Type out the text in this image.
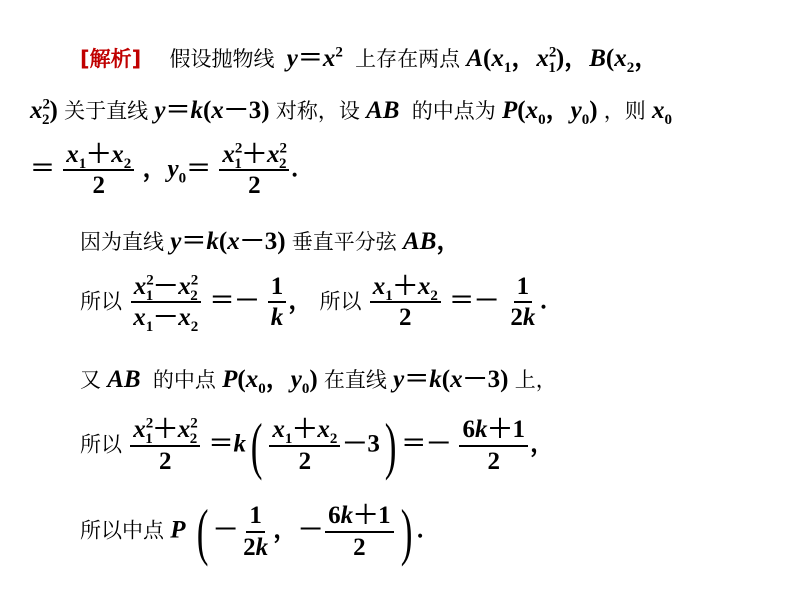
[解析] 假设抛物线 $y=x^2$ 上存在两点 $A(x_1$，$x^2_1$)，$B(x_2$，
$x^2_2$) 关于直线 y＝k(x－3) 对称，设 AB 的中点为 $P(x_0$，$y_0$) ，则 $x_0$
＝ $\frac{x_1+x_2}{2}$ ，$y_0= \frac{x^2_1+x^2_2}{2}$ .
因为直线 y＝k(x－3) 垂直平分弦 AB，
所以 $\frac{x^2_1-x^2_2}{x_1-x_2} =- \frac{1}{k}$ ， 所以 $\frac{x_1+x_2}{2} =- \frac{1}{2k}$ .
又 AB 的中点 $P(x_0$，$y_0$) 在直线 y＝k(x－3) 上，
所以 $\frac{x^2_1+x^2_2}{2} =k( \frac{x_1+x_2}{2} -3) =- \frac{6k+1}{2}$ ，
所以中点 P ( － $\frac{1}{2k}$ ，－ $\frac{6k+1}{2}$ ) .
